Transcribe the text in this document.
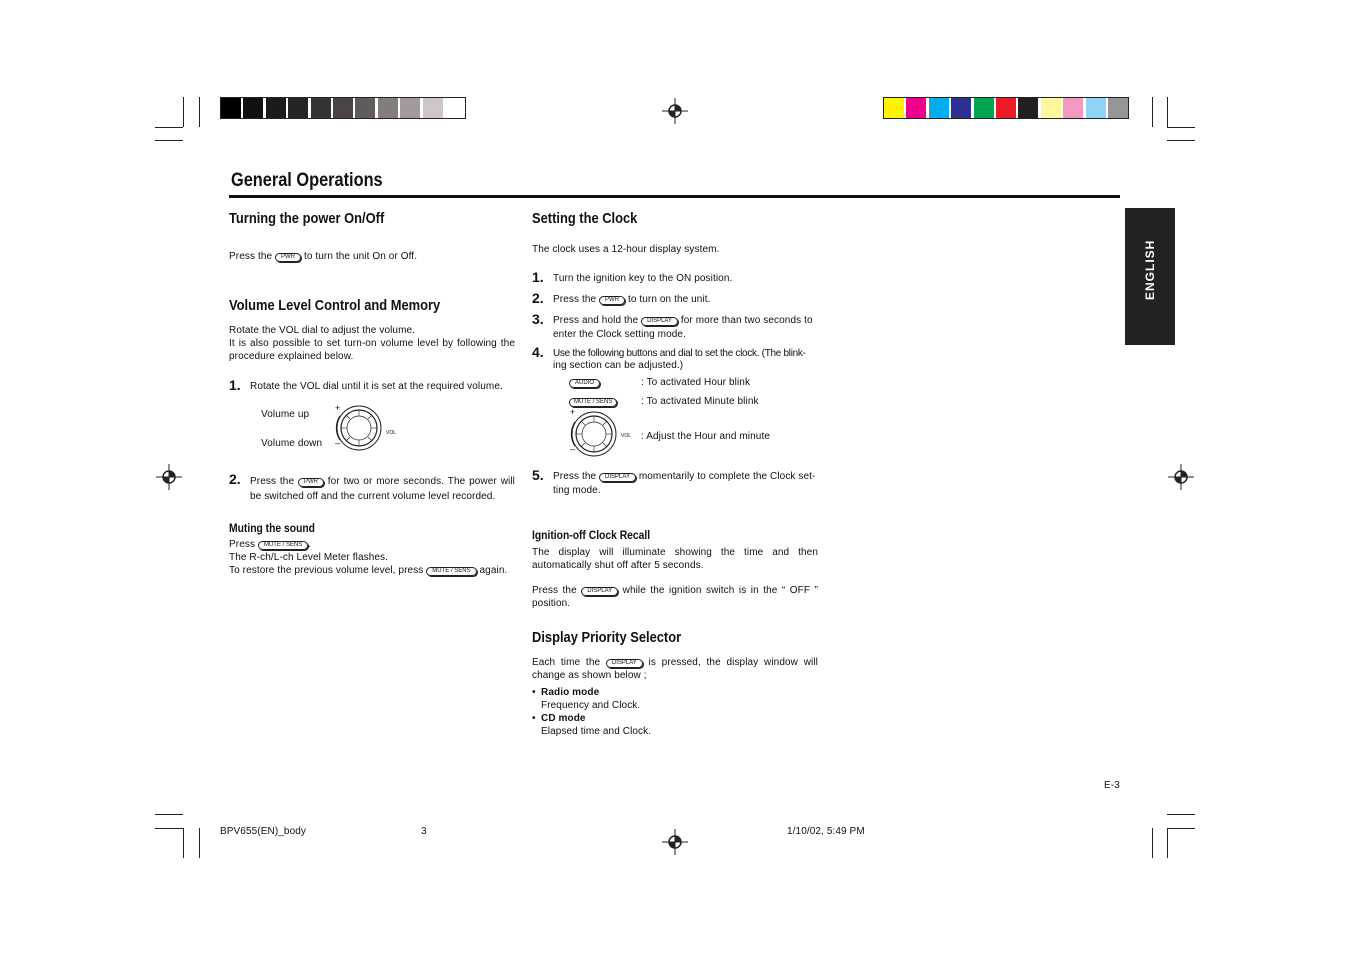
General Operations
ENGLISH
Turning the power On/Off

Press the PWR to turn the unit On or Off.

Volume Level Control and Memory

Rotate the VOL dial to adjust the volume.

It is also possible to set turn-on volume level by following the procedure explained below.

1. Rotate the VOL dial until it is set at the required volume.

Volume up

Volume down

+
–
VOL
2. Press the PWR for two or more seconds. The power will be switched off and the current volume level recorded.

Muting the sound

Press MUTE / SENS .

The R-ch/L-ch Level Meter flashes.

To restore the previous volume level, press MUTE / SENS again.

Setting the Clock

The clock uses a 12-hour display system.

1. Turn the ignition key to the ON position.

2. Press the PWR to turn on the unit.

3. Press and hold the DISPLAY for more than two seconds to

enter the Clock setting mode.

4. Use the following buttons and dial to set the clock. (The blink-

ing section can be adjusted.)

AUDIO	: To activated Hour blink

MUTE / SENS	: To activated Minute blink

+
–
VOL : Adjust the Hour and minute

5. Press the DISPLAY momentarily to complete the Clock set-

ting mode.

Ignition-off Clock Recall

The display will illuminate showing the time and then automatically shut off after 5 seconds.

Press the DISPLAY while the ignition switch is in the “ OFF ” position.

Display Priority Selector

Each time the DISPLAY is pressed, the display window will change as shown below ;

• Radio mode

Frequency and Clock.

• CD mode

Elapsed time and Clock.

E-3

BPV655(EN)_body	3	1/10/02, 5:49 PM
